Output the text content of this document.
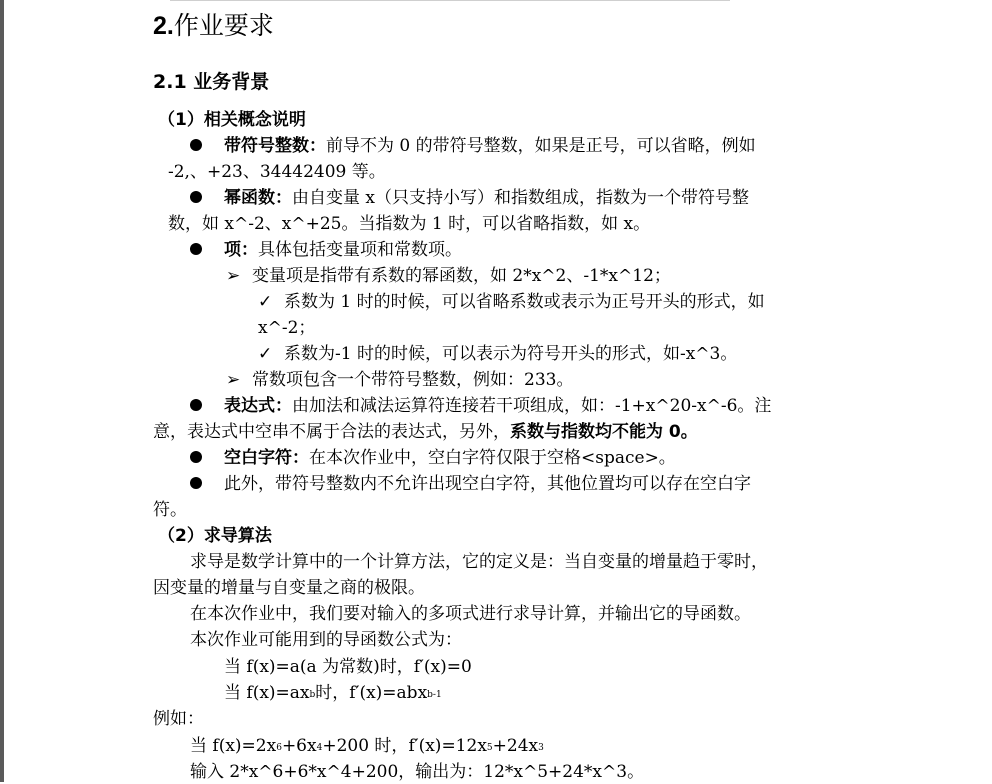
2.作业要求
2.1 业务背景
（1）相关概念说明
带符号整数：前导不为 0 的带符号整数，如果是正号，可以省略，例如
-2,、+23、34442409 等。
幂函数：由自变量 x（只支持小写）和指数组成，指数为一个带符号整
数，如 x^-2、x^+25。当指数为 1 时，可以省略指数，如 x。
项：具体包括变量项和常数项。
➢ 变量项是指带有系数的幂函数，如 2*x^2、-1*x^12；
✓ 系数为 1 时的时候，可以省略系数或表示为正号开头的形式，如
x^-2；
✓ 系数为-1 时的时候，可以表示为符号开头的形式，如-x^3。
➢ 常数项包含一个带符号整数，例如：233。
表达式：由加法和减法运算符连接若干项组成，如：-1+x^20-x^-6。注
意，表达式中空串不属于合法的表达式，另外，系数与指数均不能为 0。
空白字符：在本次作业中，空白字符仅限于空格<space>。
此外，带符号整数内不允许出现空白字符，其他位置均可以存在空白字
符。
（2）求导算法
求导是数学计算中的一个计算方法，它的定义是：当自变量的增量趋于零时，
因变量的增量与自变量之商的极限。
在本次作业中，我们要对输入的多项式进行求导计算，并输出它的导函数。
本次作业可能用到的导函数公式为：
当 f(x)=a(a 为常数)时，f′(x)=0
当 $f(x)=ax^b$时，f′(x)=abx$^{b-1}$
例如：
当 $f(x)=2x^6+6x^4+200$ 时，$f'(x)=12x^5+24x^3$
输入 2*x^6+6*x^4+200，输出为：12*x^5+24*x^3。
